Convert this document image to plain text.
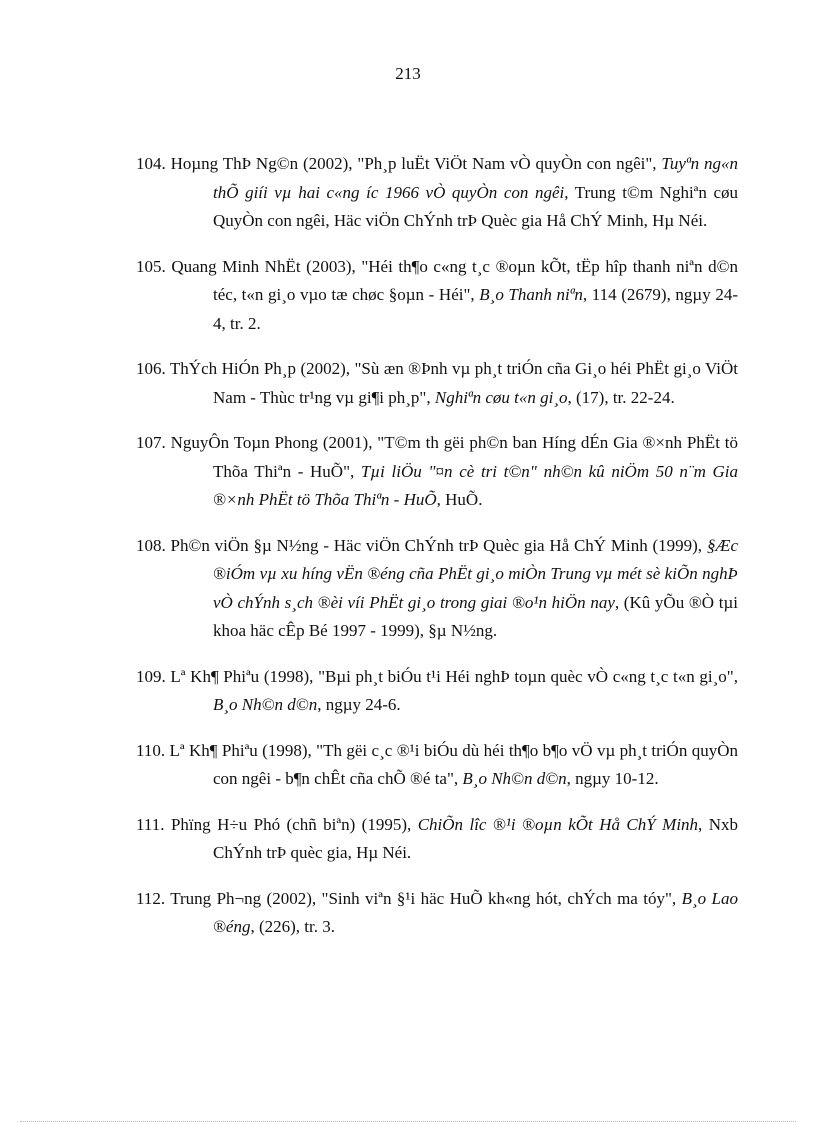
213

104. Hoµng ThÞ Ng©n (2002), "Ph¸p luËt ViÖt Nam vÒ quyÒn con ngêi", Tuyªn ng«n thÕ giíi vµ hai c«ng íc 1966 vÒ quyÒn con ngêi, Trung t©m Nghiªn cøu QuyÒn con ngêi, Häc viÖn ChÝnh trÞ Quèc gia Hå ChÝ Minh, Hµ Néi.

105. Quang Minh NhËt (2003), "Héi th¶o c«ng t¸c ®oµn kÕt, tËp hîp thanh niªn d©n téc, t«n gi¸o vµo tæ chøc §oµn - Héi", B¸o Thanh niªn, 114 (2679), ngµy 24-4, tr. 2.

106. ThÝch HiÓn Ph¸p (2002), "Sù æn ®Þnh vµ ph¸t triÓn cña Gi¸o héi PhËt gi¸o ViÖt Nam - Thùc tr¹ng vµ gi¶i ph¸p", Nghiªn cøu t«n gi¸o, (17), tr. 22-24.

107. NguyÔn Toµn Phong (2001), "T©m th gëi ph©n ban Híng dÉn Gia ®×nh PhËt tö Thõa Thiªn - HuÕ", Tµi liÖu "¤n cè tri t©n" nh©n kû niÖm 50 n¨m Gia ®×nh PhËt tö Thõa Thiªn - HuÕ, HuÕ.

108. Ph©n viÖn §µ N½ng - Häc viÖn ChÝnh trÞ Quèc gia Hå ChÝ Minh (1999), §Æc ®iÓm vµ xu híng vËn ®éng cña PhËt gi¸o miÒn Trung vµ mét sè kiÕn nghÞ vÒ chÝnh s¸ch ®èi víi PhËt gi¸o trong giai ®o¹n hiÖn nay, (Kû yÕu ®Ò tµi khoa häc cÊp Bé 1997 - 1999), §µ N½ng.

109. Lª Kh¶ Phiªu (1998), "Bµi ph¸t biÓu t¹i Héi nghÞ toµn quèc vÒ c«ng t¸c t«n gi¸o", B¸o Nh©n d©n, ngµy 24-6.

110. Lª Kh¶ Phiªu (1998), "Th gëi c¸c ®¹i biÓu dù héi th¶o b¶o vÖ vµ ph¸t triÓn quyÒn con ngêi - b¶n chÊt cña chÕ ®é ta", B¸o Nh©n d©n, ngµy 10-12.

111. Phïng H÷u Phó (chñ biªn) (1995), ChiÕn lîc ®¹i ®oµn kÕt Hå ChÝ Minh, Nxb ChÝnh trÞ quèc gia, Hµ Néi.

112. Trung Ph¬ng (2002), "Sinh viªn §¹i häc HuÕ kh«ng hót, chÝch ma tóy", B¸o Lao ®éng, (226), tr. 3.
